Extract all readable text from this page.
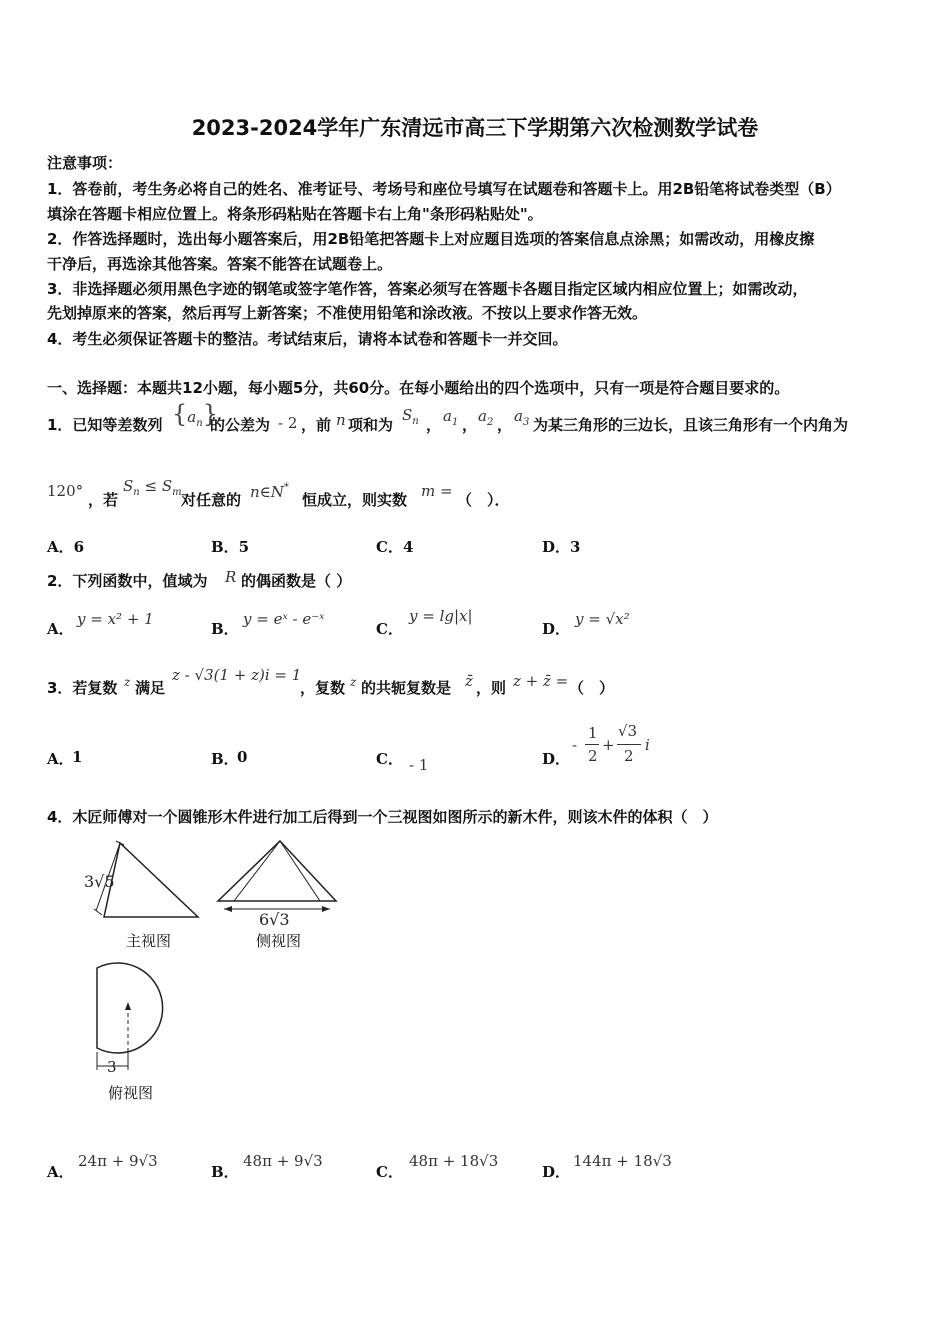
2023-2024学年广东清远市高三下学期第六次检测数学试卷
注意事项：
1．答卷前，考生务必将自己的姓名、准考证号、考场号和座位号填写在试题卷和答题卡上。用2B铅笔将试卷类型（B）
填涂在答题卡相应位置上。将条形码粘贴在答题卡右上角"条形码粘贴处"。
2．作答选择题时，选出每小题答案后，用2B铅笔把答题卡上对应题目选项的答案信息点涂黑；如需改动，用橡皮擦
干净后，再选涂其他答案。答案不能答在试题卷上。
3．非选择题必须用黑色字迹的钢笔或签字笔作答，答案必须写在答题卡各题目指定区域内相应位置上；如需改动，
先划掉原来的答案，然后再写上新答案；不准使用铅笔和涂改液。不按以上要求作答无效。
4．考生必须保证答题卡的整洁。考试结束后，请将本试卷和答题卡一并交回。
一、选择题：本题共12小题，每小题5分，共60分。在每小题给出的四个选项中，只有一项是符合题目要求的。
1．已知等差数列 $\{a_n\}$
的公差为 - 2 ，前 n 项和为
$S_n$ ， $a_1$ ， $a_2$ ， $a_3$ 为某三角形的三边长，且该三角形有一个内角为
120° ，若
$S_n \le S_m$ 对任意的 n∈N*
恒成立，则实数 m = （　）．
A．6	B．5	C．4	D．3
2．下列函数中，值域为 R 的偶函数是（ ）
A．
y = x² + 1
B．
y = eˣ - e⁻ˣ
C．
y = lg|x|
D．
y = √x²
3．若复数 z 满足
z - √3(1 + z)i = 1
，复数 z 的共轭复数是 z̄ ，则 z + z̄ = （　）
A．
1	B．
0	C． - 1	D．
-
1
2
+
√3
2
i
4．木匠师傅对一个圆锥形木件进行加工后得到一个三视图如图所示的新木件，则该木件的体积（　）
3√5
主视图
6√3
侧视图
3
俯视图
A．
24π + 9√3
B．
48π + 9√3
C．
48π + 18√3
D．
144π + 18√3
